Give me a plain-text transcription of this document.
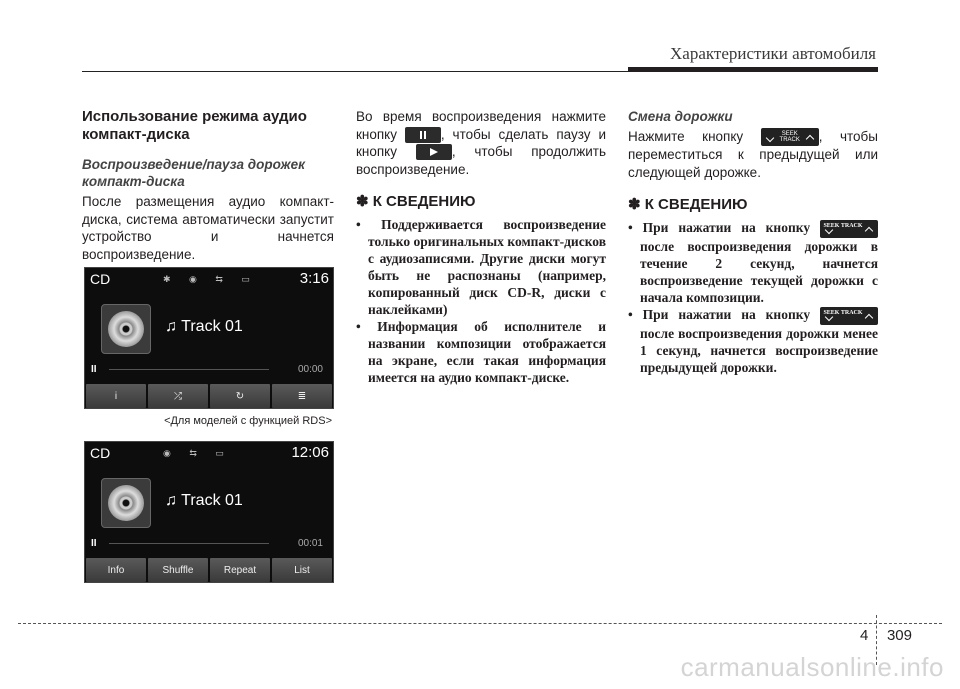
Характеристики автомобиля

Использование режима аудио компакт-диска

Воспроизведение/пауза дорожек компакт-диска

После размещения аудио компакт-диска, система автоматически запустит устройство и начнется воспроизведение.

CD	✱ ◉ ⇆ ▭	3:16
♫ Track 01
II	00:00
i	⤮	↻	≣
<Для моделей с функцией RDS>
CD	◉ ⇆ ▭	12:06
♫ Track 01
II	00:01
Info	Shuffle	Repeat	List

Во время воспроизведения нажмите кнопку	, чтобы сделать паузу и кнопку	, чтобы продолжить воспроизведение.

✽ К СВЕДЕНИЮ
• Поддерживается воспроизведение только оригинальных компакт-дисков с аудиозаписями. Другие диски могут быть не распознаны (например, копированный диск CD-R, диски с наклейками)
• Информация об исполнителе и названии композиции отображается на экране, если такая информация имеется на аудио компакт-диске.

Смена дорожки

Нажмите кнопку	SEEK TRACK	, чтобы переместиться к предыдущей или следующей дорожке.

✽ К СВЕДЕНИЮ
• При нажатии на кнопку SEEK TRACK
после воспроизведения дорожки в течение 2 секунд, начнется воспроизведение текущей дорожки с начала композиции.
• При нажатии на кнопку SEEK TRACK
после воспроизведения дорожки менее 1 секунд, начнется воспроизведение предыдущей дорожки.
4 309
carmanualsonline.info
